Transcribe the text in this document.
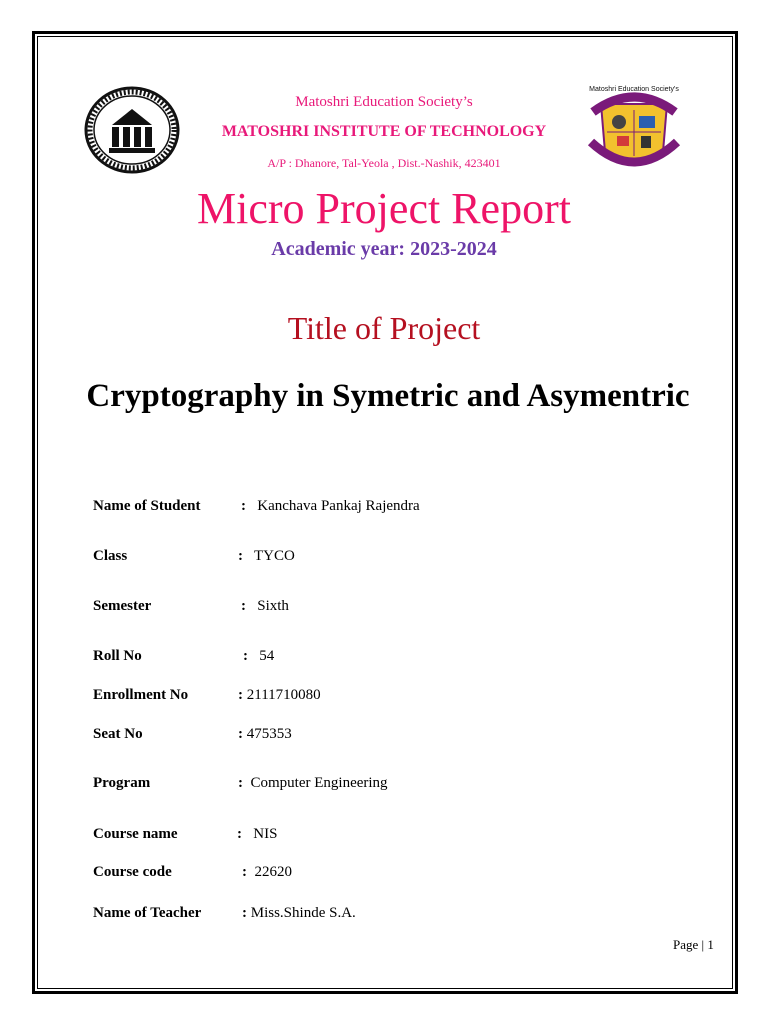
Matoshri Education Society's
Matoshri Education Society’s
MATOSHRI INSTITUTE OF TECHNOLOGY
A/P : Dhanore, Tal-Yeola , Dist.-Nashik, 423401
Micro Project Report
Academic year: 2023-2024
Title of Project
Cryptography in Symetric and Asymentric
Name of Student	: Kanchava Pankaj Rajendra
Class	: TYCO
Semester	: Sixth
Roll No	: 54
Enrollment No	: 2111710080
Seat No	: 475353
Program	: Computer Engineering
Course name	: NIS
Course code	: 22620
Name of Teacher	: Miss.Shinde S.A.
Page | 1
